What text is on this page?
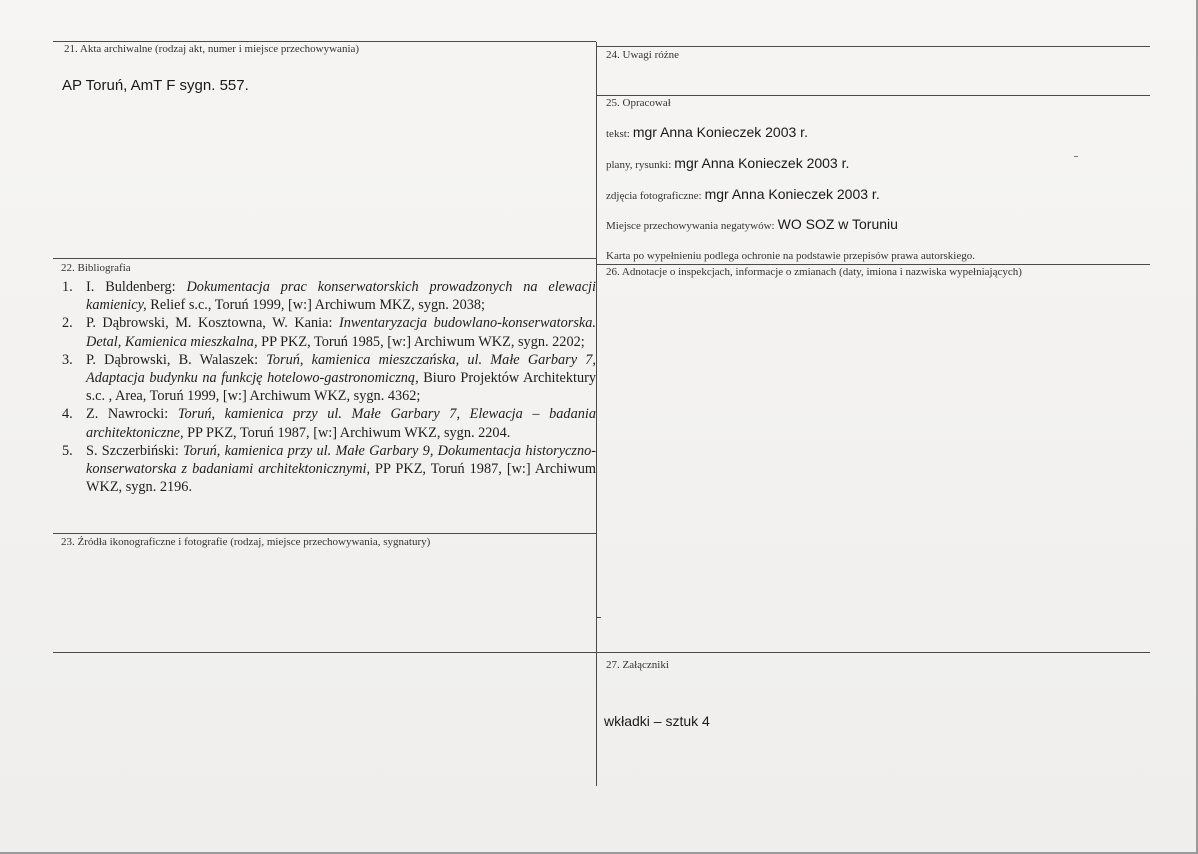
21. Akta archiwalne (rodzaj akt, numer i miejsce przechowywania)
AP Toruń, AmT F sygn. 557.
24. Uwagi różne
25. Opracował
tekst: mgr Anna Konieczek 2003 r.
plany, rysunki: mgr Anna Konieczek 2003 r.
zdjęcia fotograficzne: mgr Anna Konieczek 2003 r.
Miejsce przechowywania negatywów: WO SOZ w Toruniu
Karta po wypełnieniu podlega ochronie na podstawie przepisów prawa autorskiego.
22. Bibliografia
1. I. Buldenberg: Dokumentacja prac konserwatorskich prowadzonych na elewacji kamienicy, Relief s.c., Toruń 1999, [w:] Archiwum MKZ, sygn. 2038;
2. P. Dąbrowski, M. Kosztowna, W. Kania: Inwentaryzacja budowlano-konserwatorska. Detal, Kamienica mieszkalna, PP PKZ, Toruń 1985, [w:] Archiwum WKZ, sygn. 2202;
3. P. Dąbrowski, B. Walaszek: Toruń, kamienica mieszczańska, ul. Małe Garbary 7, Adaptacja budynku na funkcję hotelowo-gastronomiczną, Biuro Projektów Architektury s.c. , Area, Toruń 1999, [w:] Archiwum WKZ, sygn. 4362;
4. Z. Nawrocki: Toruń, kamienica przy ul. Małe Garbary 7, Elewacja – badania architektoniczne, PP PKZ, Toruń 1987, [w:] Archiwum WKZ, sygn. 2204.
5. S. Szczerbiński: Toruń, kamienica przy ul. Małe Garbary 9, Dokumentacja historyczno-konserwatorska z badaniami architektonicznymi, PP PKZ, Toruń 1987, [w:] Archiwum WKZ, sygn. 2196.
23. Źródła ikonograficzne i fotografie (rodzaj, miejsce przechowywania, sygnatury)
26. Adnotacje o inspekcjach, informacje o zmianach (daty, imiona i nazwiska wypełniających)
27. Załączniki
wkładki – sztuk 4
